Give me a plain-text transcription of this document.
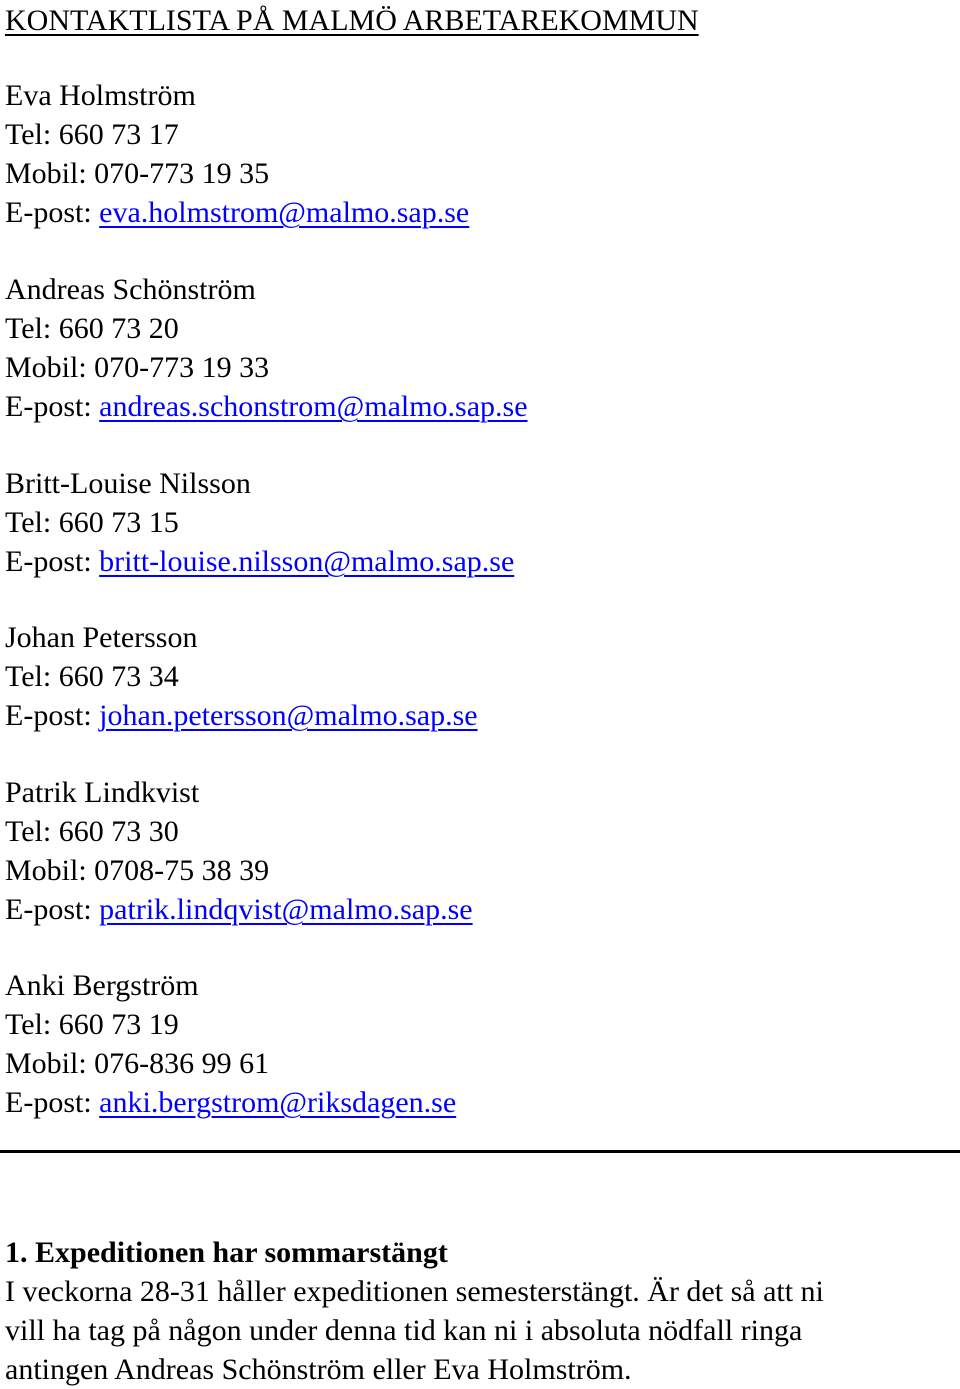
KONTAKTLISTA PÅ MALMÖ ARBETAREKOMMUN
Eva Holmström
Tel: 660 73 17
Mobil: 070-773 19 35
E-post: eva.holmstrom@malmo.sap.se
Andreas Schönström
Tel: 660 73 20
Mobil: 070-773 19 33
E-post: andreas.schonstrom@malmo.sap.se
Britt-Louise Nilsson
Tel: 660 73 15
E-post: britt-louise.nilsson@malmo.sap.se
Johan Petersson
Tel: 660 73 34
E-post: johan.petersson@malmo.sap.se
Patrik Lindkvist
Tel: 660 73 30
Mobil: 0708-75 38 39
E-post: patrik.lindqvist@malmo.sap.se
Anki Bergström
Tel: 660 73 19
Mobil: 076-836 99 61
E-post: anki.bergstrom@riksdagen.se
1. Expeditionen har sommarstängt

I veckorna 28-31 håller expeditionen semesterstängt. Är det så att ni
vill ha tag på någon under denna tid kan ni i absoluta nödfall ringa
antingen Andreas Schönström eller Eva Holmström.
